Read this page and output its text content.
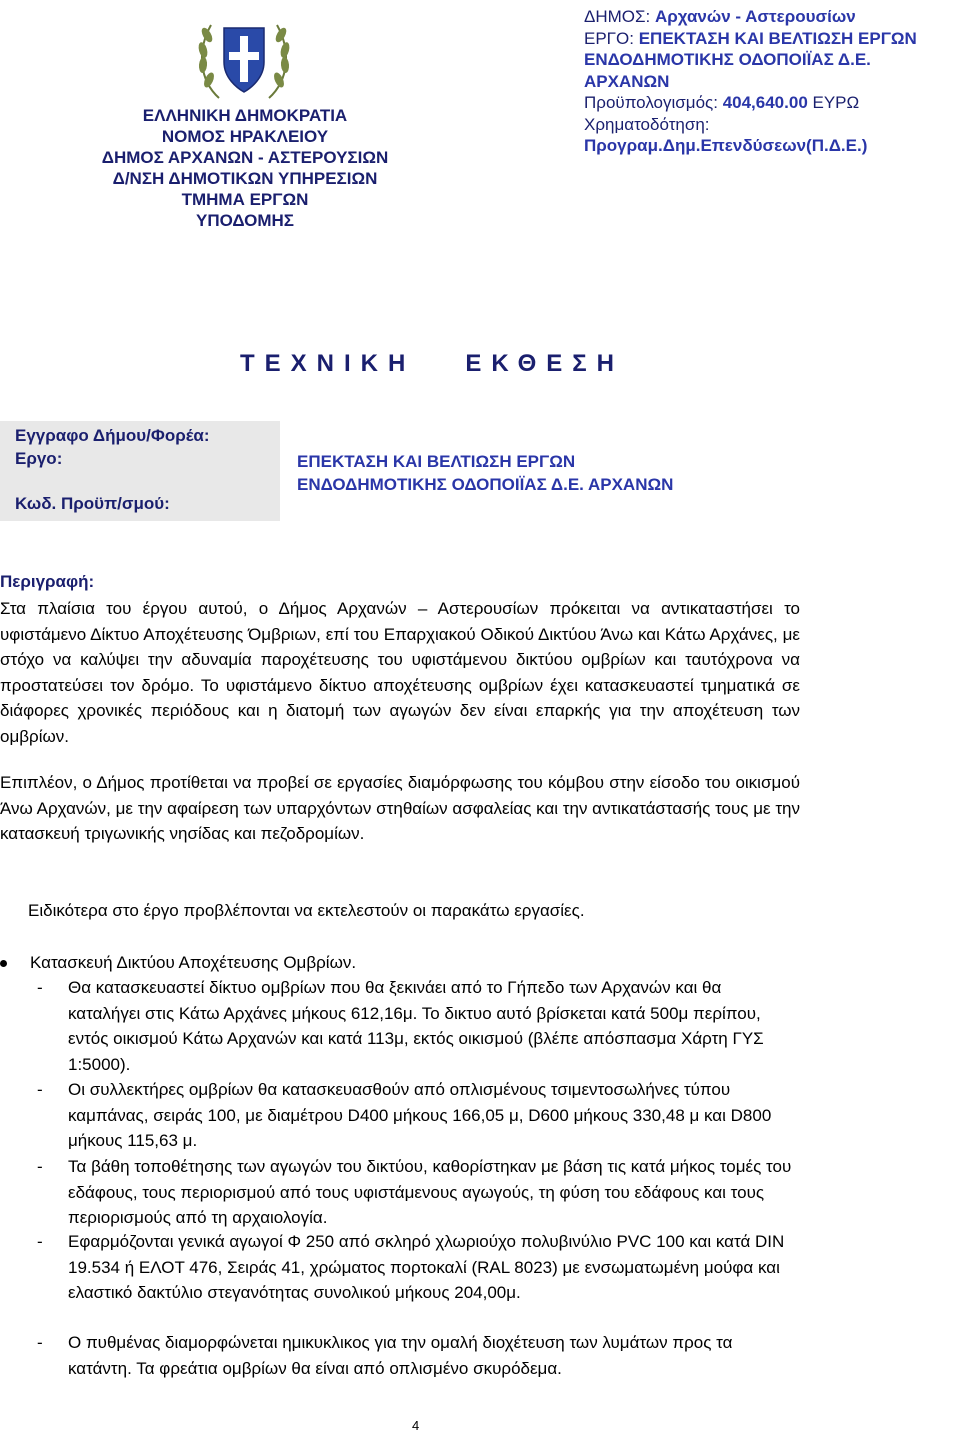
ΕΛΛΗΝΙΚΗ ΔΗΜΟΚΡΑΤΙΑ
ΝΟΜΟΣ ΗΡΑΚΛΕΙΟΥ
ΔΗΜΟΣ ΑΡΧΑΝΩΝ - ΑΣΤΕΡΟΥΣΙΩΝ
Δ/ΝΣΗ ΔΗΜΟΤΙΚΩΝ ΥΠΗΡΕΣΙΩΝ
ΤΜΗΜΑ ΕΡΓΩΝ
ΥΠΟΔΟΜΗΣ
ΔΗΜΟΣ: Αρχανών - Αστερουσίων
ΕΡΓΟ: ΕΠΕΚΤΑΣΗ ΚΑΙ ΒΕΛΤΙΩΣΗ ΕΡΓΩΝ
ΕΝΔΟΔΗΜΟΤΙΚΗΣ ΟΔΟΠΟΙΪΑΣ Δ.Ε.
ΑΡΧΑΝΩΝ
Προϋπολογισμός: 404,640.00 ΕΥΡΩ
Χρηματοδότηση:
Προγραμ.Δημ.Επενδύσεων(Π.Δ.Ε.)
ΤΕΧΝΙΚΗ   ΕΚΘΕΣΗ
Εγγραφο Δήμου/Φορέα:
Εργο:
Κωδ. Προϋπ/σμού:
ΕΠΕΚΤΑΣΗ ΚΑΙ ΒΕΛΤΙΩΣΗ ΕΡΓΩΝ
ΕΝΔΟΔΗΜΟΤΙΚΗΣ ΟΔΟΠΟΙΪΑΣ Δ.Ε. ΑΡΧΑΝΩΝ
Περιγραφή:
Στα πλαίσια του έργου αυτού, ο Δήμος Αρχανών – Αστερουσίων πρόκειται να αντικαταστήσει το υφιστάμενο Δίκτυο Αποχέτευσης Όμβριων, επί του Επαρχιακού Οδικού Δικτύου Άνω και Κάτω Αρχάνες, με στόχο να καλύψει την αδυναμία παροχέτευσης του υφιστάμενου δικτύου ομβρίων και ταυτόχρονα να προστατεύσει τον δρόμο. Το υφιστάμενο δίκτυο αποχέτευσης ομβρίων έχει κατασκευαστεί τμηματικά σε διάφορες χρονικές περιόδους και η διατομή των αγωγών δεν είναι επαρκής για την αποχέτευση των ομβρίων.
Επιπλέον, ο Δήμος προτίθεται να προβεί σε εργασίες διαμόρφωσης του κόμβου στην είσοδο του οικισμού Άνω Αρχανών, με την αφαίρεση των υπαρχόντων στηθαίων ασφαλείας και την αντικατάστασής τους με την κατασκευή τριγωνικής νησίδας και πεζοδρομίων.
Ειδικότερα στο έργο προβλέπονται να εκτελεστούν οι παρακάτω εργασίες.
Κατασκευή Δικτύου Αποχέτευσης Ομβρίων.
- Θα κατασκευαστεί δίκτυο ομβρίων που θα ξεκινάει από το Γήπεδο των Αρχανών και θα καταλήγει στις Κάτω Αρχάνες μήκους 612,16μ. Το δικτυο αυτό βρίσκεται κατά 500μ περίπου, εντός οικισμού Κάτω Αρχανών και κατά 113μ, εκτός οικισμού (βλέπε απόσπασμα Χάρτη ΓΥΣ 1:5000).
- Οι συλλεκτήρες ομβρίων θα κατασκευασθούν από οπλισμένους τσιμεντοσωλήνες τύπου καμπάνας, σειράς 100, με διαμέτρου D400 μήκους 166,05 μ, D600 μήκους 330,48 μ και D800 μήκους 115,63 μ.
- Τα βάθη τοποθέτησης των αγωγών του δικτύου, καθορίστηκαν με βάση τις κατά μήκος τομές του εδάφους, τους περιορισμού από τους υφιστάμενους αγωγούς, τη φύση του εδάφους και τους περιορισμούς από τη αρχαιολογία.
- Εφαρμόζονται γενικά αγωγοί Φ 250 από σκληρό χλωριούχο πολυβινύλιο PVC 100 και κατά DIN 19.534 ή ΕΛΟΤ 476, Σειράς 41, χρώματος πορτοκαλί (RAL 8023) με ενσωματωμένη μούφα και ελαστικό δακτύλιο στεγανότητας συνολικού μήκους 204,00μ.
- Ο πυθμένας διαμορφώνεται ημικυκλικος για την ομαλή διοχέτευση των λυμάτων προς τα κατάντη. Τα φρεάτια ομβρίων θα είναι από οπλισμένο σκυρόδεμα.
4
